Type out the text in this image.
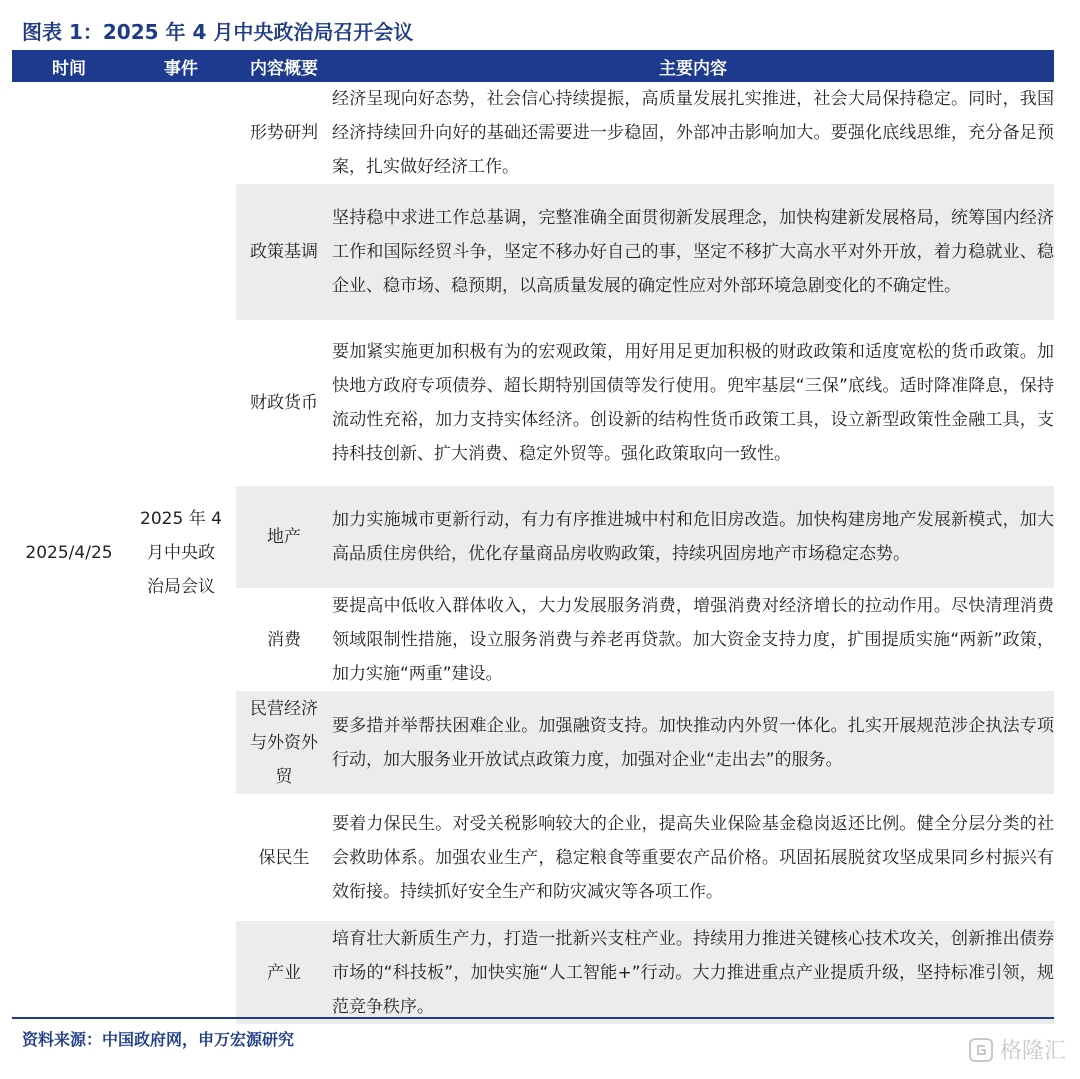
图表 1：2025 年 4 月中央政治局召开会议
时间	事件	内容概要	主要内容
2025/4/25	2025 年 4 月中央政治局会议	形势研判	经济呈现向好态势，社会信心持续提振，高质量发展扎实推进，社会大局保持稳定。同时，我国经济持续回升向好的基础还需要进一步稳固，外部冲击影响加大。要强化底线思维，充分备足预案，扎实做好经济工作。
		政策基调	坚持稳中求进工作总基调，完整准确全面贯彻新发展理念，加快构建新发展格局，统筹国内经济工作和国际经贸斗争，坚定不移办好自己的事，坚定不移扩大高水平对外开放，着力稳就业、稳企业、稳市场、稳预期，以高质量发展的确定性应对外部环境急剧变化的不确定性。
		财政货币	要加紧实施更加积极有为的宏观政策，用好用足更加积极的财政政策和适度宽松的货币政策。加快地方政府专项债券、超长期特别国债等发行使用。兜牢基层“三保”底线。适时降准降息，保持流动性充裕，加力支持实体经济。创设新的结构性货币政策工具，设立新型政策性金融工具，支持科技创新、扩大消费、稳定外贸等。强化政策取向一致性。
		地产	加力实施城市更新行动，有力有序推进城中村和危旧房改造。加快构建房地产发展新模式，加大高品质住房供给，优化存量商品房收购政策，持续巩固房地产市场稳定态势。
		消费	要提高中低收入群体收入，大力发展服务消费，增强消费对经济增长的拉动作用。尽快清理消费领域限制性措施，设立服务消费与养老再贷款。加大资金支持力度，扩围提质实施“两新”政策，加力实施“两重”建设。

		民营经济与外资外贸	要多措并举帮扶困难企业。加强融资支持。加快推动内外贸一体化。扎实开展规范涉企执法专项行动，加大服务业开放试点政策力度，加强对企业“走出去”的服务。
		保民生	要着力保民生。对受关税影响较大的企业，提高失业保险基金稳岗返还比例。健全分层分类的社会救助体系。加强农业生产，稳定粮食等重要农产品价格。巩固拓展脱贫攻坚成果同乡村振兴有效衔接。持续抓好安全生产和防灾减灾等各项工作。
		产业	培育壮大新质生产力，打造一批新兴支柱产业。持续用力推进关键核心技术攻关，创新推出债券市场的“科技板”，加快实施“人工智能+”行动。大力推进重点产业提质升级，坚持标准引领，规范竞争秩序。
资料来源：中国政府网，申万宏源研究	格隆汇
